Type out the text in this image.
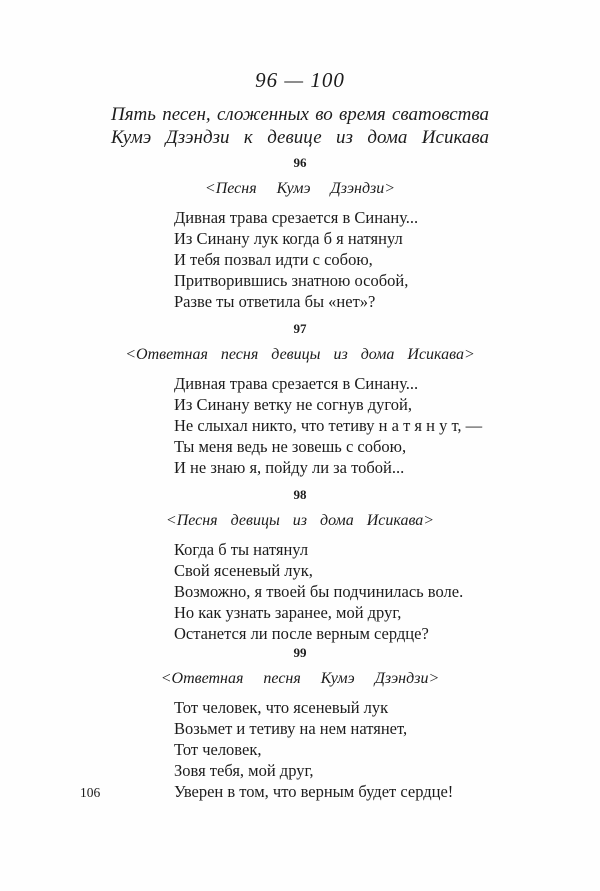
96 — 100
Пять песен, сложенных во время сватовства
Кумэ Дзэндзи к девице из дома Исикава
96
<Песня Кумэ Дзэндзи>
Дивная трава срезается в Синану...
Из Синану лук когда б я натянул
И тебя позвал идти с собою,
Притворившись знатною особой,
Разве ты ответила бы «нет»?
97
<Ответная песня девицы из дома Исикава>
Дивная трава срезается в Синану...
Из Синану ветку не согнув дугой,
Не слыхал никто, что тетиву н а т я н у т, —
Ты меня ведь не зовешь с собою,
И не знаю я, пойду ли за тобой...
98
<Песня девицы из дома Исикава>
Когда б ты натянул
Свой ясеневый лук,
Возможно, я твоей бы подчинилась воле.
Но как узнать заранее, мой друг,
Останется ли после верным сердце?
99
<Ответная песня Кумэ Дзэндзи>
Тот человек, что ясеневый лук
Возьмет и тетиву на нем натянет,
Тот человек,
Зовя тебя, мой друг,
Уверен в том, что верным будет сердце!
106
